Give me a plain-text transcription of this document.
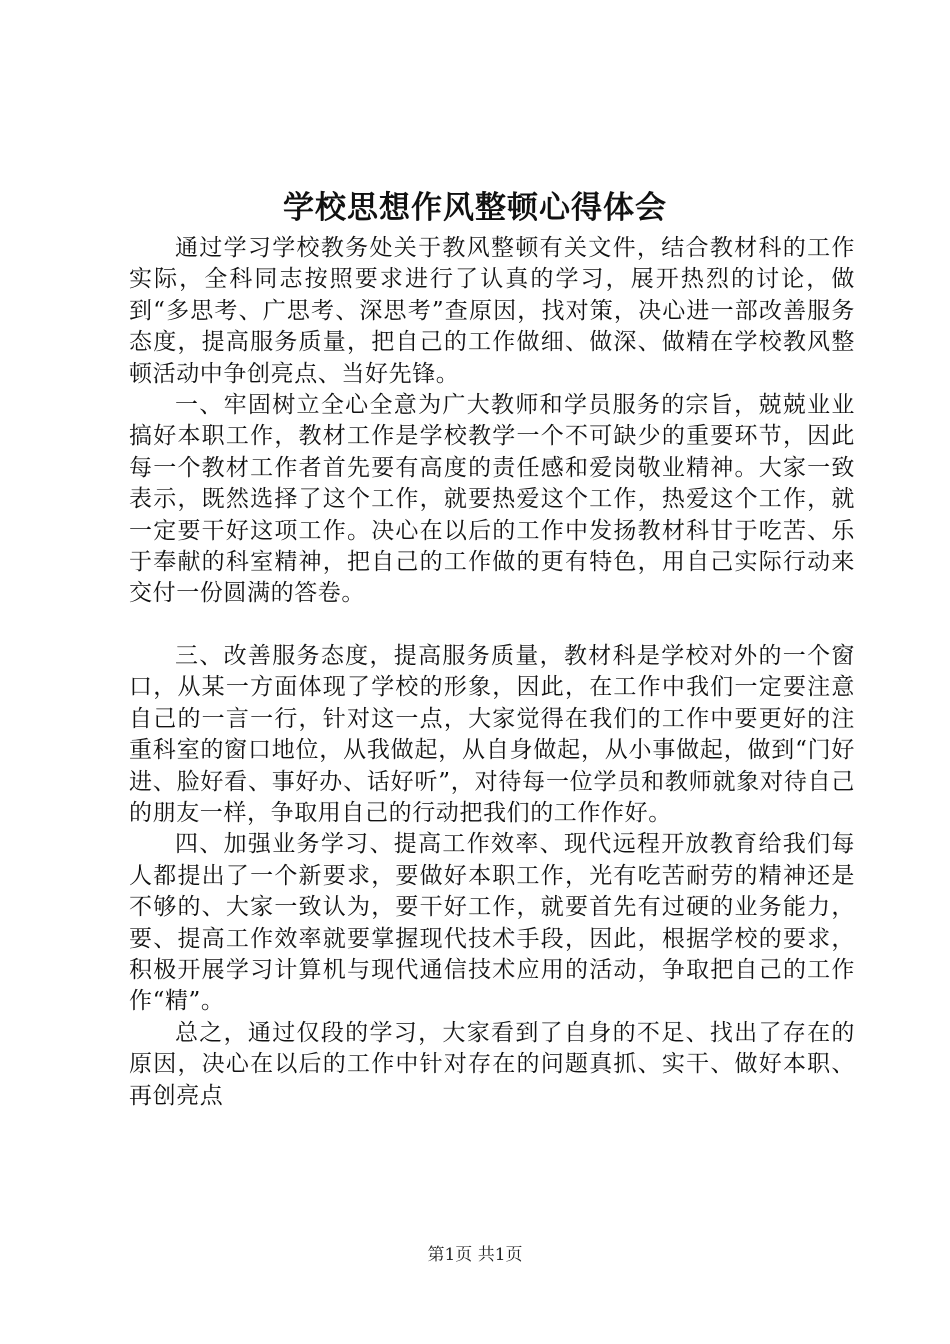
学校思想作风整顿心得体会

通过学习学校教务处关于教风整顿有关文件，结合教材科的工作实际，全科同志按照要求进行了认真的学习，展开热烈的讨论，做到“多思考、广思考、深思考”查原因，找对策，决心进一部改善服务态度，提高服务质量，把自己的工作做细、做深、做精在学校教风整顿活动中争创亮点、当好先锋。

一、牢固树立全心全意为广大教师和学员服务的宗旨，兢兢业业搞好本职工作，教材工作是学校教学一个不可缺少的重要环节，因此每一个教材工作者首先要有高度的责任感和爱岗敬业精神。大家一致表示，既然选择了这个工作，就要热爱这个工作，热爱这个工作，就一定要干好这项工作。决心在以后的工作中发扬教材科甘于吃苦、乐于奉献的科室精神，把自己的工作做的更有特色，用自己实际行动来交付一份圆满的答卷。

三、改善服务态度，提高服务质量，教材科是学校对外的一个窗口，从某一方面体现了学校的形象，因此，在工作中我们一定要注意自己的一言一行，针对这一点，大家觉得在我们的工作中要更好的注重科室的窗口地位，从我做起，从自身做起，从小事做起，做到“门好进、脸好看、事好办、话好听”，对待每一位学员和教师就象对待自己的朋友一样，争取用自己的行动把我们的工作作好。

四、加强业务学习、提高工作效率、现代远程开放教育给我们每人都提出了一个新要求，要做好本职工作，光有吃苦耐劳的精神还是不够的、大家一致认为，要干好工作，就要首先有过硬的业务能力，要、提高工作效率就要掌握现代技术手段，因此，根据学校的要求，积极开展学习计算机与现代通信技术应用的活动，争取把自己的工作作“精”。

总之，通过仅段的学习，大家看到了自身的不足、找出了存在的原因，决心在以后的工作中针对存在的问题真抓、实干、做好本职、再创亮点

第1页 共1页
